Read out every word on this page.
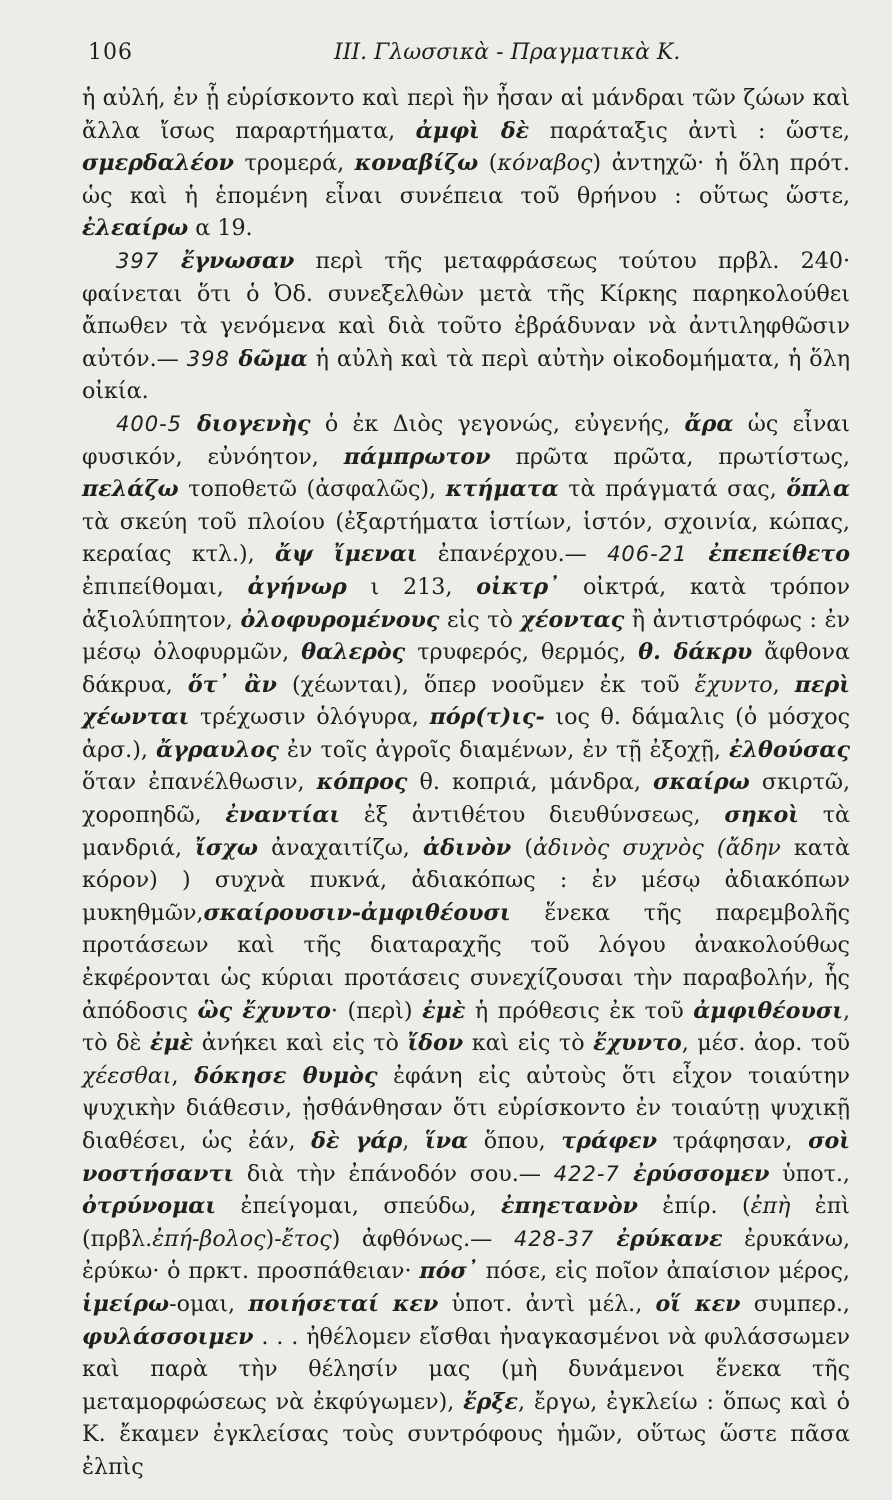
106	III. Γλωσσικὰ - Πραγματικὰ Κ.

ἡ αὐλή, ἐν ᾗ εὑρίσκοντο καὶ περὶ ἣν ἦσαν αἱ μάνδραι τῶν ζώων καὶ ἄλλα ἴσως παραρτήματα, ἀμφὶ δὲ παράταξις ἀντὶ : ὥστε, σμερδαλέον τρομερά, κοναβίζω (κόναβος) ἀντηχῶ· ἡ ὅλη πρότ. ὡς καὶ ἡ ἑπομένη εἶναι συνέπεια τοῦ θρήνου : οὕτως ὥστε, ἐλεαίρω α 19.

397 ἔγνωσαν περὶ τῆς μεταφράσεως τούτου πρβλ. 240· φαίνεται ὅτι ὁ Ὀδ. συνεξελθὼν μετὰ τῆς Κίρκης παρηκολούθει ἄπωθεν τὰ γενόμενα καὶ διὰ τοῦτο ἐβράδυναν νὰ ἀντιληφθῶσιν αὐτόν.— 398 δῶμα ἡ αὐλὴ καὶ τὰ περὶ αὐτὴν οἰκοδομήματα, ἡ ὅλη οἰκία.

400-5 διογενὴς ὁ ἐκ Διὸς γεγονώς, εὐγενής, ἄρα ὡς εἶναι φυσικόν, εὐνόητον, πάμπρωτον πρῶτα πρῶτα, πρωτίστως, πελάζω τοποθετῶ (ἀσφαλῶς), κτήματα τὰ πράγματά σας, ὅπλα τὰ σκεύη τοῦ πλοίου (ἐξαρτήματα ἱστίων, ἱστόν, σχοινία, κώπας, κεραίας κτλ.), ἄψ ἴμεναι ἐπανέρχου.— 406-21 ἐπεπείθετο ἐπιπείθομαι, ἀγήνωρ ι 213, οἰκτρ᾽ οἰκτρά, κατὰ τρόπον ἀξιολύπητον, ὀλοφυρομένους εἰς τὸ χέοντας ἢ ἀντιστρόφως : ἐν μέσῳ ὀλοφυρμῶν, θαλερὸς τρυφερός, θερμός, θ. δάκρυ ἄφθονα δάκρυα, ὅτ᾽ ἂν (χέωνται), ὅπερ νοοῦμεν ἐκ τοῦ ἔχυντο, περὶ χέωνται τρέχωσιν ὁλόγυρα, πόρ(τ)ις- ιος θ. δάμαλις (ὁ μόσχος ἀρσ.), ἄγραυλος ἐν τοῖς ἀγροῖς διαμένων, ἐν τῇ ἐξοχῇ, ἐλθούσας ὅταν ἐπανέλθωσιν, κόπρος θ. κοπριά, μάνδρα, σκαίρω σκιρτῶ, χοροπηδῶ, ἐναντίαι ἐξ ἀντιθέτου διευθύνσεως, σηκοὶ τὰ μανδριά, ἴσχω ἀναχαιτίζω, ἀδινὸν (ἀδινὸς συχνὸς (ἄδην κατὰ κόρον) ) συχνὰ πυκνά, ἀδιακόπως : ἐν μέσῳ ἀδιακόπων μυκηθμῶν,σκαίρουσιν-ἀμφιθέουσι ἕνεκα τῆς παρεμβολῆς προτάσεων καὶ τῆς διαταραχῆς τοῦ λόγου ἀνακολούθως ἐκφέρονται ὡς κύριαι προτάσεις συνεχίζουσαι τὴν παραβολήν, ἧς ἀπόδοσις ὣς ἔχυντο· (περὶ) ἐμὲ ἡ πρόθεσις ἐκ τοῦ ἀμφιθέουσι, τὸ δὲ ἐμὲ ἀνήκει καὶ εἰς τὸ ἴδον καὶ εἰς τὸ ἔχυντο, μέσ. ἀορ. τοῦ χέεσθαι, δόκησε θυμὸς ἐφάνη εἰς αὐτοὺς ὅτι εἶχον τοιαύτην ψυχικὴν διάθεσιν, ᾐσθάνθησαν ὅτι εὑρίσκοντο ἐν τοιαύτῃ ψυχικῇ διαθέσει, ὡς ἐάν, δὲ γάρ, ἵνα ὅπου, τράφεν τράφησαν, σοὶ νοστήσαντι διὰ τὴν ἐπάνοδόν σου.— 422-7 ἐρύσσομεν ὑποτ., ὀτρύνομαι ἐπείγομαι, σπεύδω, ἐπηετανὸν ἐπίρ. (ἐπὴ ἐπὶ (πρβλ.ἐπή-βολος)-ἔτος) ἀφθόνως.— 428-37 ἐρύκανε ἐρυκάνω, ἐρύκω· ὁ πρκτ. προσπάθειαν· πόσ᾽ πόσε, εἰς ποῖον ἀπαίσιον μέρος, ἱμείρω-ομαι, ποιήσεταί κεν ὑποτ. ἀντὶ μέλ., οἵ κεν συμπερ., φυλάσσοιμεν . . . ἠθέλομεν εἴσθαι ἠναγκασμένοι νὰ φυλάσσωμεν καὶ παρὰ τὴν θέλησίν μας (μὴ δυνάμενοι ἕνεκα τῆς μεταμορφώσεως νὰ ἐκφύγωμεν), ἔρξε, ἔργω, ἐγκλείω : ὅπως καὶ ὁ Κ. ἔκαμεν ἐγκλείσας τοὺς συντρόφους ἡμῶν, οὕτως ὥστε πᾶσα ἐλπὶς
